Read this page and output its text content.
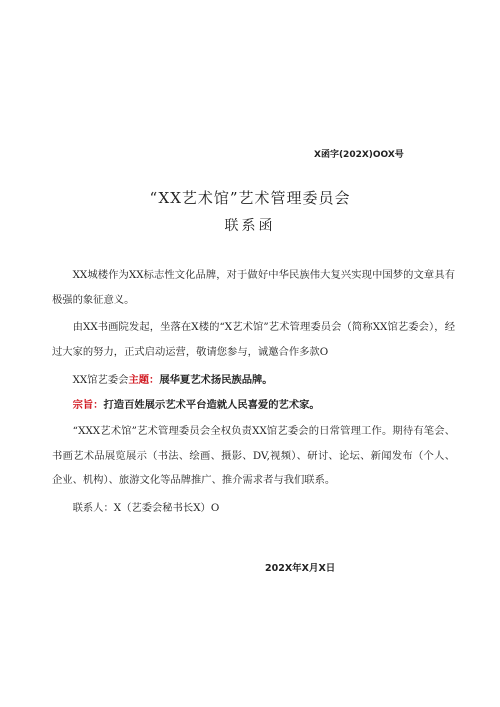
X函字(202X)OOX号
“XX艺术馆”艺术管理委员会
联系函
XX城楼作为XX标志性文化品牌，对于做好中华民族伟大复兴实现中国梦的文章具有极强的象征意义。
由XX书画院发起，坐落在X楼的“X艺术馆”艺术管理委员会（简称XX馆艺委会），经过大家的努力，正式启动运营，敬请您参与，诚邀合作多款O
XX馆艺委会主题：展华夏艺术扬民族品牌。
宗旨：打造百姓展示艺术平台造就人民喜爱的艺术家。
“XXX艺术馆”艺术管理委员会全权负责XX馆艺委会的日常管理工作。期待有笔会、书画艺术品展览展示（书法、绘画、摄影、DV,视频）、研讨、论坛、新闻发布（个人、企业、机构）、旅游文化等品牌推广、推介需求者与我们联系。
联系人：X（艺委会秘书长X）O
202X年X月X日
